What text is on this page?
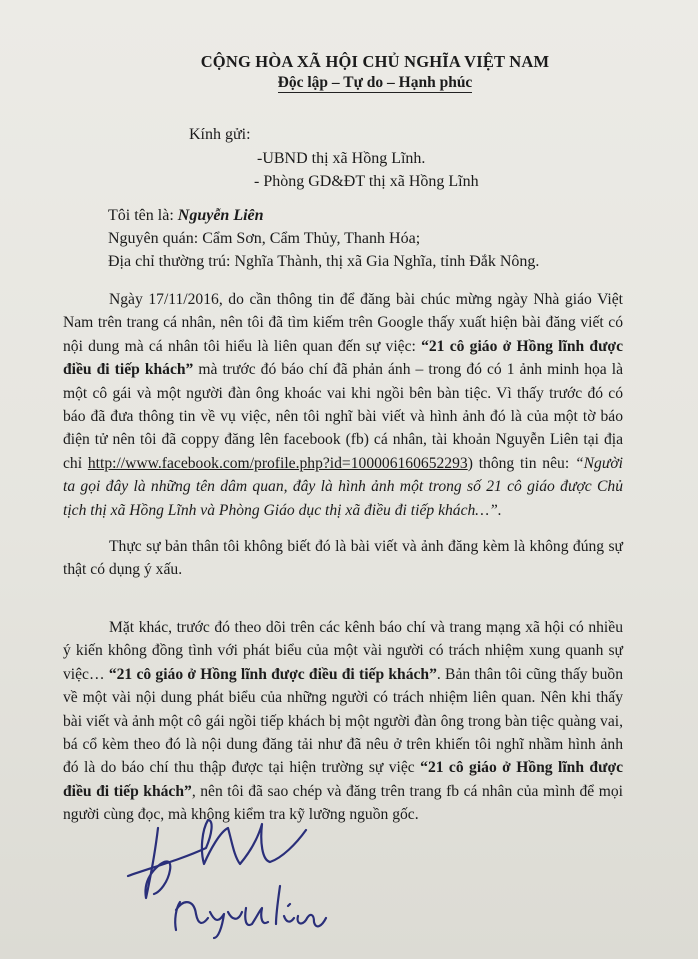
CỘNG HÒA XÃ HỘI CHỦ NGHĨA VIỆT NAM
Độc lập – Tự do – Hạnh phúc
Kính gửi:
-UBND thị xã Hồng Lĩnh.
- Phòng GD&ĐT thị xã Hồng Lĩnh
Tôi tên là: Nguyễn Liên
Nguyên quán: Cẩm Sơn, Cẩm Thủy, Thanh Hóa;
Địa chỉ thường trú: Nghĩa Thành, thị xã Gia Nghĩa, tỉnh Đắk Nông.
Ngày 17/11/2016, do cần thông tin để đăng bài chúc mừng ngày Nhà giáo Việt Nam trên trang cá nhân, nên tôi đã tìm kiếm trên Google thấy xuất hiện bài đăng viết có nội dung mà cá nhân tôi hiểu là liên quan đến sự việc: “21 cô giáo ở Hồng lĩnh được điều đi tiếp khách” mà trước đó báo chí đã phản ánh – trong đó có 1 ảnh minh họa là một cô gái và một người đàn ông khoác vai khi ngồi bên bàn tiệc. Vì thấy trước đó có báo đã đưa thông tin về vụ việc, nên tôi nghĩ bài viết và hình ảnh đó là của một tờ báo điện tử nên tôi đã coppy đăng lên facebook (fb) cá nhân, tài khoản Nguyễn Liên tại địa chỉ http://www.facebook.com/profile.php?id=100006160652293) thông tin nêu: “Người ta gọi đây là những tên dâm quan, đây là hình ảnh một trong số 21 cô giáo được Chủ tịch thị xã Hồng Lĩnh và Phòng Giáo dục thị xã điều đi tiếp khách…”.
Thực sự bản thân tôi không biết đó là bài viết và ảnh đăng kèm là không đúng sự thật có dụng ý xấu.
Mặt khác, trước đó theo dõi trên các kênh báo chí và trang mạng xã hội có nhiều ý kiến không đồng tình với phát biểu của một vài người có trách nhiệm xung quanh sự việc… “21 cô giáo ở Hồng lĩnh được điều đi tiếp khách”. Bản thân tôi cũng thấy buồn về một vài nội dung phát biểu của những người có trách nhiệm liên quan. Nên khi thấy bài viết và ảnh một cô gái ngồi tiếp khách bị một người đàn ông trong bàn tiệc quàng vai, bá cổ kèm theo đó là nội dung đăng tải như đã nêu ở trên khiến tôi nghĩ nhầm hình ảnh đó là do báo chí thu thập được tại hiện trường sự việc “21 cô giáo ở Hồng lĩnh được điều đi tiếp khách”, nên tôi đã sao chép và đăng trên trang fb cá nhân của mình để mọi người cùng đọc, mà không kiểm tra kỹ lưỡng nguồn gốc.
